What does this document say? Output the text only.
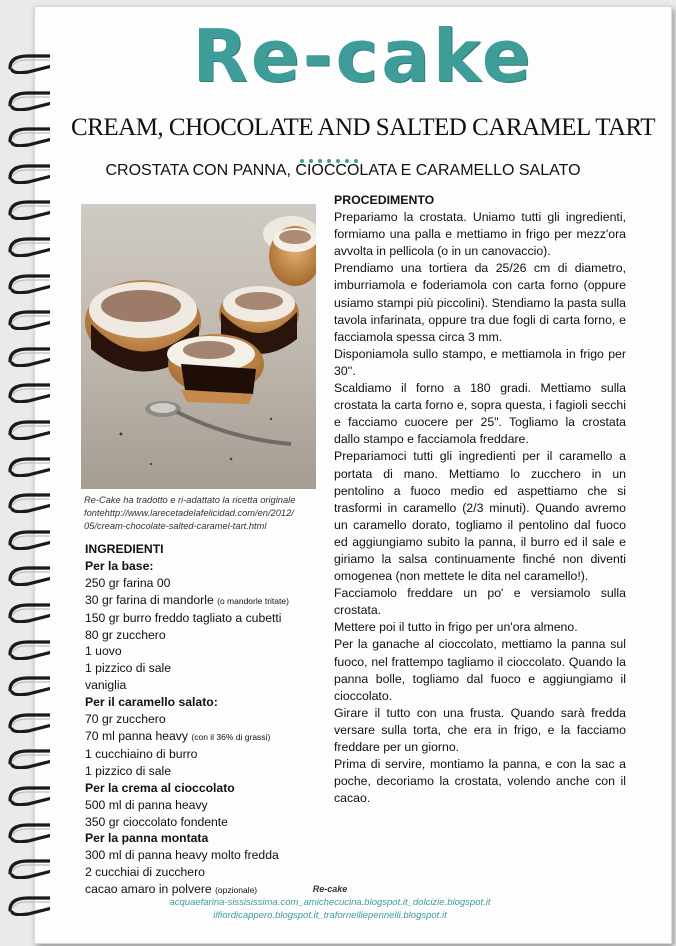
Re-cake
CREAM, CHOCOLATE AND SALTED CARAMEL TART
CROSTATA CON PANNA, CIOCCOLATA E CARAMELLO SALATO
Re-Cake ha tradotto e ri-adattato la ricetta originale
fontehttp://www.larecetadelafelicidad.com/en/2012/
05/cream-chocolate-salted-caramel-tart.html
INGREDIENTI
Per la base:
250 gr farina 00
30 gr farina di mandorle (o mandorle tritate)
150 gr burro freddo tagliato a cubetti
80 gr zucchero
1 uovo
1 pizzico di sale
vaniglia
Per il caramello salato:
70 gr zucchero
70 ml panna heavy (con il 36% di grassi)
1 cucchiaino di burro
1 pizzico di sale
Per la crema al cioccolato
500 ml di panna heavy
350 gr cioccolato fondente
Per la panna montata
300 ml di panna heavy molto fredda
2 cucchiai di zucchero
cacao amaro in polvere (opzionale)

PROCEDIMENTO

Prepariamo la crostata. Uniamo tutti gli ingredienti, formiamo una palla e mettiamo in frigo per mezz'ora avvolta in pellicola (o in un canovaccio).

Prendiamo una tortiera da 25/26 cm di diametro, imburriamola e foderiamola con carta forno (oppure usiamo stampi più piccolini). Stendiamo la pasta sulla tavola infarinata, oppure tra due fogli di carta forno, e facciamola spessa circa 3 mm.

Disponiamola sullo stampo, e mettiamola in frigo per 30''.

Scaldiamo il forno a 180 gradi. Mettiamo sulla crostata la carta forno e, sopra questa, i fagioli secchi e facciamo cuocere per 25". Togliamo la crostata dallo stampo e facciamola freddare.

Prepariamoci tutti gli ingredienti per il caramello a portata di mano. Mettiamo lo zucchero in un pentolino a fuoco medio ed aspettiamo che si trasformi in caramello (2/3 minuti). Quando avremo un caramello dorato, togliamo il pentolino dal fuoco ed aggiungiamo subito la panna, il burro ed il sale e giriamo la salsa continuamente finché non diventi omogenea (non mettete le dita nel caramello!).

Facciamolo freddare un po' e versiamolo sulla crostata.

Mettere poi il tutto in frigo per un'ora almeno.

Per la ganache al cioccolato, mettiamo la panna sul fuoco, nel frattempo tagliamo il cioccolato. Quando la panna bolle, togliamo dal fuoco e aggiungiamo il cioccolato.

Girare il tutto con una frusta. Quando sarà fredda versare sulla torta, che era in frigo, e la facciamo freddare per un giorno.

Prima di servire, montiamo la panna, e con la sac a poche, decoriamo la crostata, volendo anche con il cacao.

Re-cake
acquaefarina-sissisissima.com_amichecucina.blogspot.it_dolcizie.blogspot.it
ilfiordicappero.blogspot.it_trafornelliepennelli.blogspot.it
